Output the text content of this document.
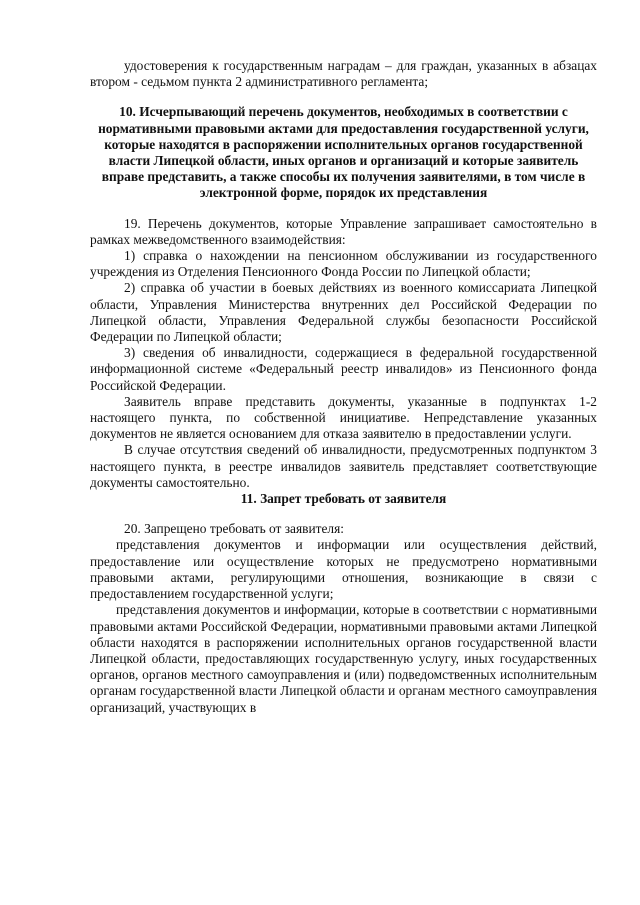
удостоверения к государственным наградам – для граждан, указанных в абзацах втором - седьмом пункта 2 административного регламента;

10. Исчерпывающий перечень документов, необходимых в соответствии с нормативными правовыми актами для предоставления государственной услуги, которые находятся в распоряжении исполнительных органов государственной власти Липецкой области, иных органов и организаций и которые заявитель вправе представить, а также способы их получения заявителями, в том числе в электронной форме, порядок их представления

19. Перечень документов, которые Управление запрашивает самостоятельно в рамках межведомственного взаимодействия:

1) справка о нахождении на пенсионном обслуживании из государственного учреждения из Отделения Пенсионного Фонда России по Липецкой области;

2) справка об участии в боевых действиях из военного комиссариата Липецкой области, Управления Министерства внутренних дел Российской Федерации по Липецкой области, Управления Федеральной службы безопасности Российской Федерации по Липецкой области;

3) сведения об инвалидности, содержащиеся в федеральной государственной информационной системе «Федеральный реестр инвалидов» из Пенсионного фонда Российской Федерации.

Заявитель вправе представить документы, указанные в подпунктах 1-2 настоящего пункта, по собственной инициативе. Непредставление указанных документов не является основанием для отказа заявителю в предоставлении услуги.

В случае отсутствия сведений об инвалидности, предусмотренных подпунктом 3 настоящего пункта, в реестре инвалидов заявитель представляет соответствующие документы самостоятельно.

11. Запрет требовать от заявителя

20. Запрещено требовать от заявителя:

представления документов и информации или осуществления действий, предоставление или осуществление которых не предусмотрено нормативными правовыми актами, регулирующими отношения, возникающие в связи с предоставлением государственной услуги;

представления документов и информации, которые в соответствии с нормативными правовыми актами Российской Федерации, нормативными правовыми актами Липецкой области находятся в распоряжении исполнительных органов государственной власти Липецкой области, предоставляющих государственную услугу, иных государственных органов, органов местного самоуправления и (или) подведомственных исполнительным органам государственной власти Липецкой области и органам местного самоуправления организаций, участвующих в
